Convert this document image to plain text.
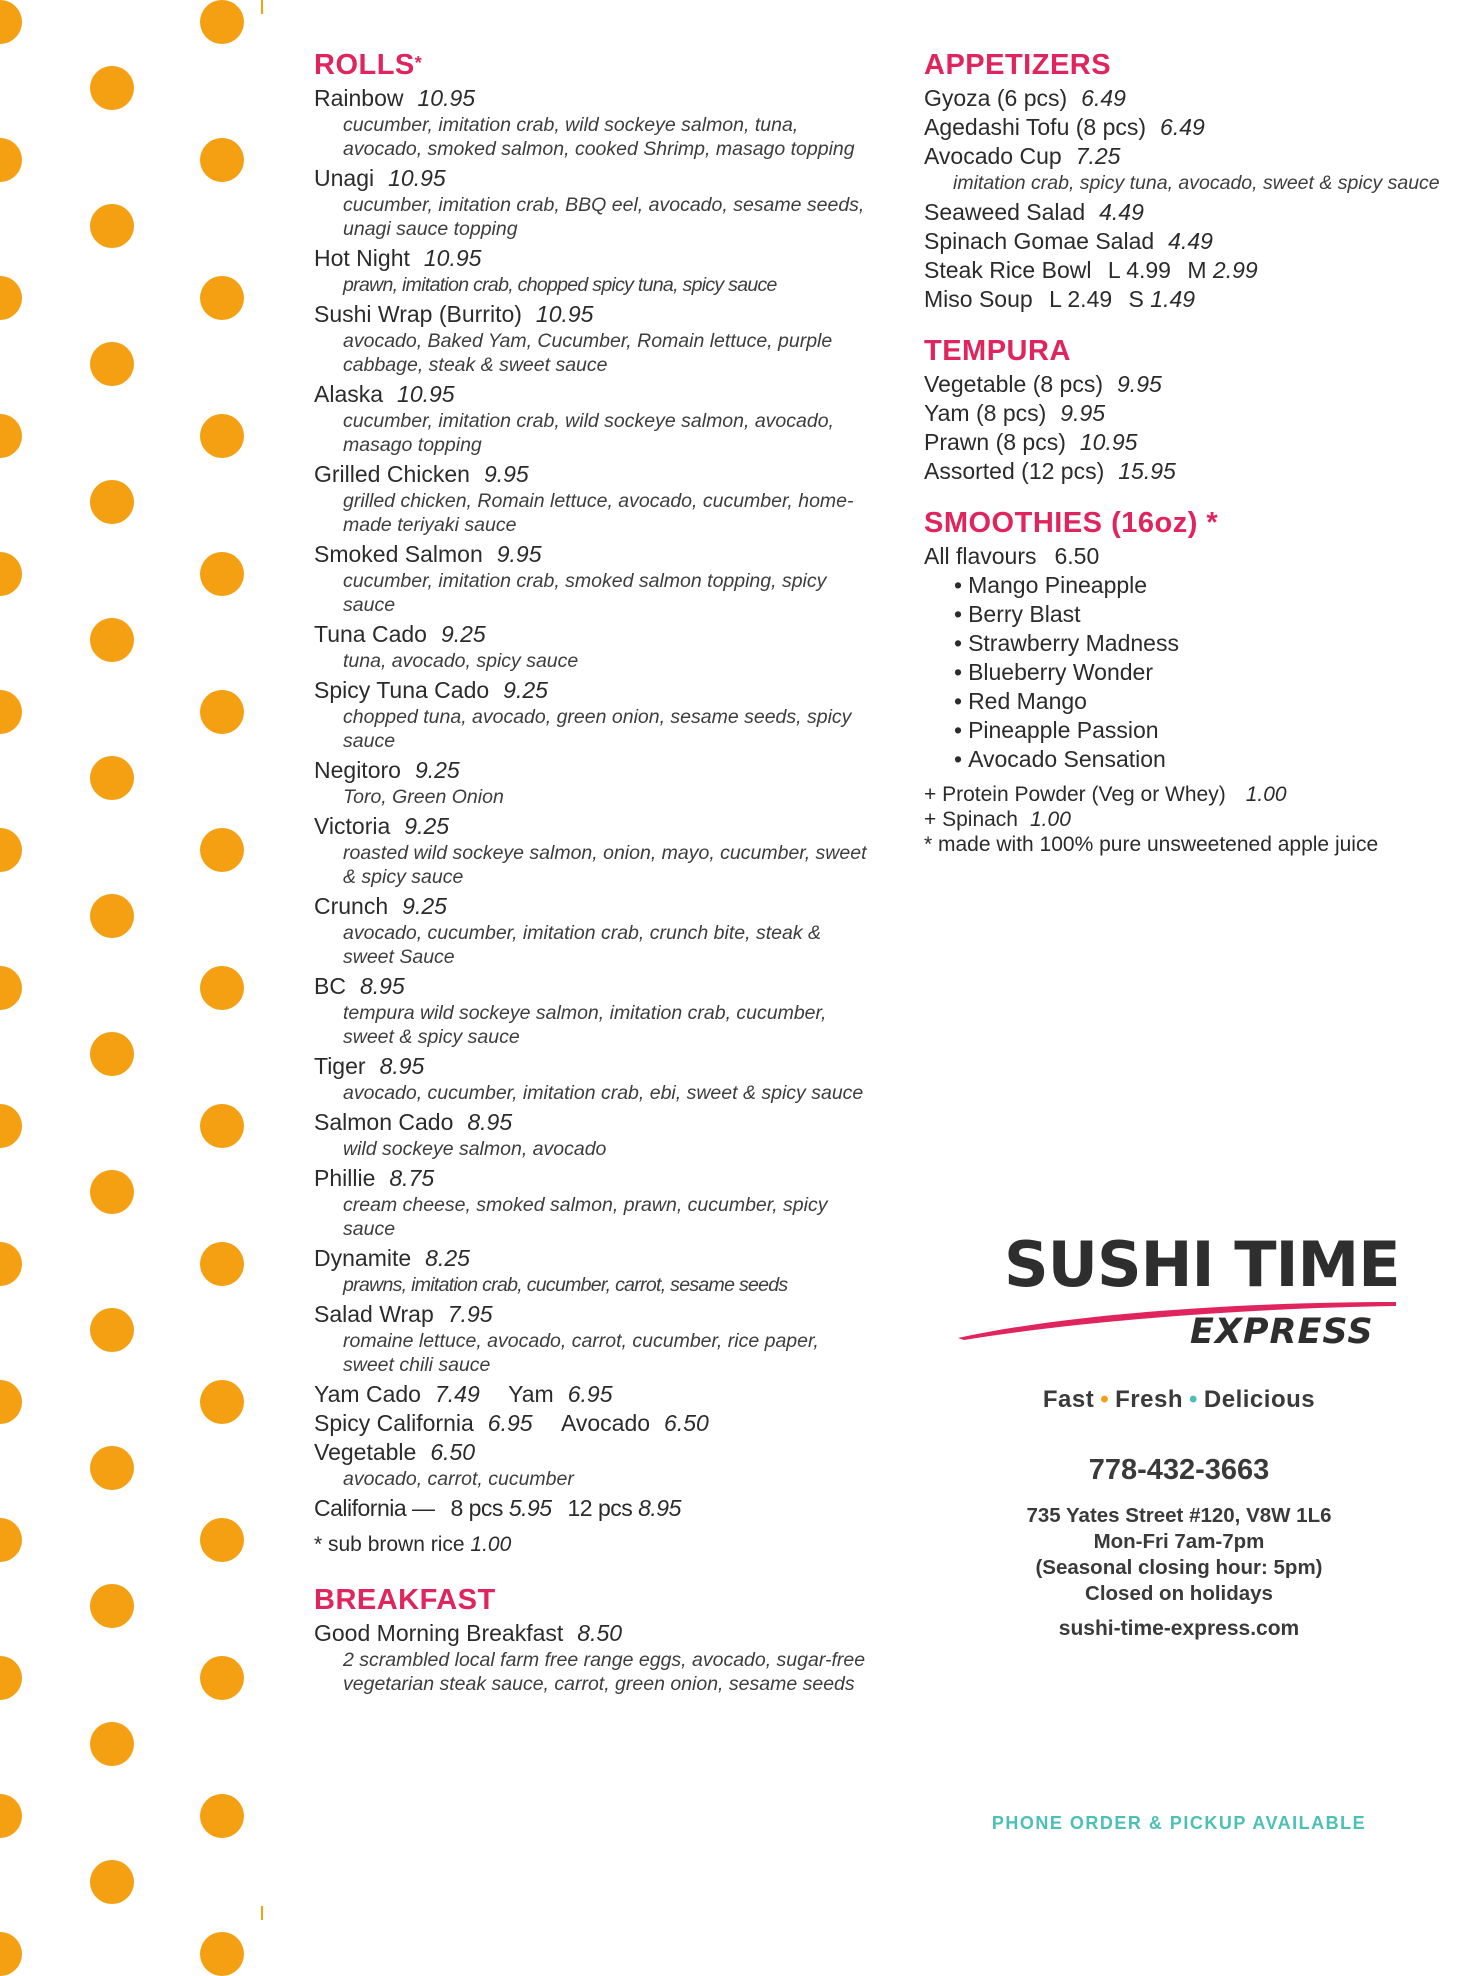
ROLLS*
Rainbow 10.95
cucumber, imitation crab, wild sockeye salmon, tuna, avocado, smoked salmon, cooked Shrimp, masago topping
Unagi 10.95
cucumber, imitation crab, BBQ eel, avocado, sesame seeds, unagi sauce topping
Hot Night 10.95
prawn, imitation crab, chopped spicy tuna, spicy sauce
Sushi Wrap (Burrito) 10.95
avocado, Baked Yam, Cucumber, Romain lettuce, purple cabbage, steak & sweet sauce
Alaska 10.95
cucumber, imitation crab, wild sockeye salmon, avocado, masago topping
Grilled Chicken 9.95
grilled chicken, Romain lettuce, avocado, cucumber, home-made teriyaki sauce
Smoked Salmon 9.95
cucumber, imitation crab, smoked salmon topping, spicy sauce
Tuna Cado 9.25
tuna, avocado, spicy sauce
Spicy Tuna Cado 9.25
chopped tuna, avocado, green onion, sesame seeds, spicy sauce
Negitoro 9.25
Toro, Green Onion
Victoria 9.25
roasted wild sockeye salmon, onion, mayo, cucumber, sweet & spicy sauce
Crunch 9.25
avocado, cucumber, imitation crab, crunch bite, steak & sweet Sauce
BC 8.95
tempura wild sockeye salmon, imitation crab, cucumber, sweet & spicy sauce
Tiger 8.95
avocado, cucumber, imitation crab, ebi, sweet & spicy sauce
Salmon Cado 8.95
wild sockeye salmon, avocado
Phillie 8.75
cream cheese, smoked salmon, prawn, cucumber, spicy sauce
Dynamite 8.25
prawns, imitation crab, cucumber, carrot, sesame seeds
Salad Wrap 7.95
romaine lettuce, avocado, carrot, cucumber, rice paper, sweet chili sauce
Yam Cado 7.49 Yam 6.95
Spicy California 6.95 Avocado 6.50
Vegetable 6.50
avocado, carrot, cucumber
California — 8 pcs 5.95 12 pcs 8.95
* sub brown rice 1.00
BREAKFAST
Good Morning Breakfast 8.50
2 scrambled local farm free range eggs, avocado, sugar-free vegetarian steak sauce, carrot, green onion, sesame seeds
APPETIZERS
Gyoza (6 pcs) 6.49
Agedashi Tofu (8 pcs) 6.49
Avocado Cup 7.25
imitation crab, spicy tuna, avocado, sweet & spicy sauce
Seaweed Salad 4.49
Spinach Gomae Salad 4.49
Steak Rice Bowl L 4.99 M 2.99
Miso Soup L 2.49 S 1.49
TEMPURA
Vegetable (8 pcs) 9.95
Yam (8 pcs) 9.95
Prawn (8 pcs) 10.95
Assorted (12 pcs) 15.95
SMOOTHIES (16oz) *
All flavours 6.50
• Mango Pineapple
• Berry Blast
• Strawberry Madness
• Blueberry Wonder
• Red Mango
• Pineapple Passion
• Avocado Sensation
+ Protein Powder (Veg or Whey) 1.00
+ Spinach 1.00
* made with 100% pure unsweetened apple juice
SUSHI TIME
EXPRESS
Fast • Fresh • Delicious
778-432-3663
735 Yates Street #120, V8W 1L6
Mon-Fri 7am-7pm
(Seasonal closing hour: 5pm)
Closed on holidays
sushi-time-express.com
PHONE ORDER & PICKUP AVAILABLE
